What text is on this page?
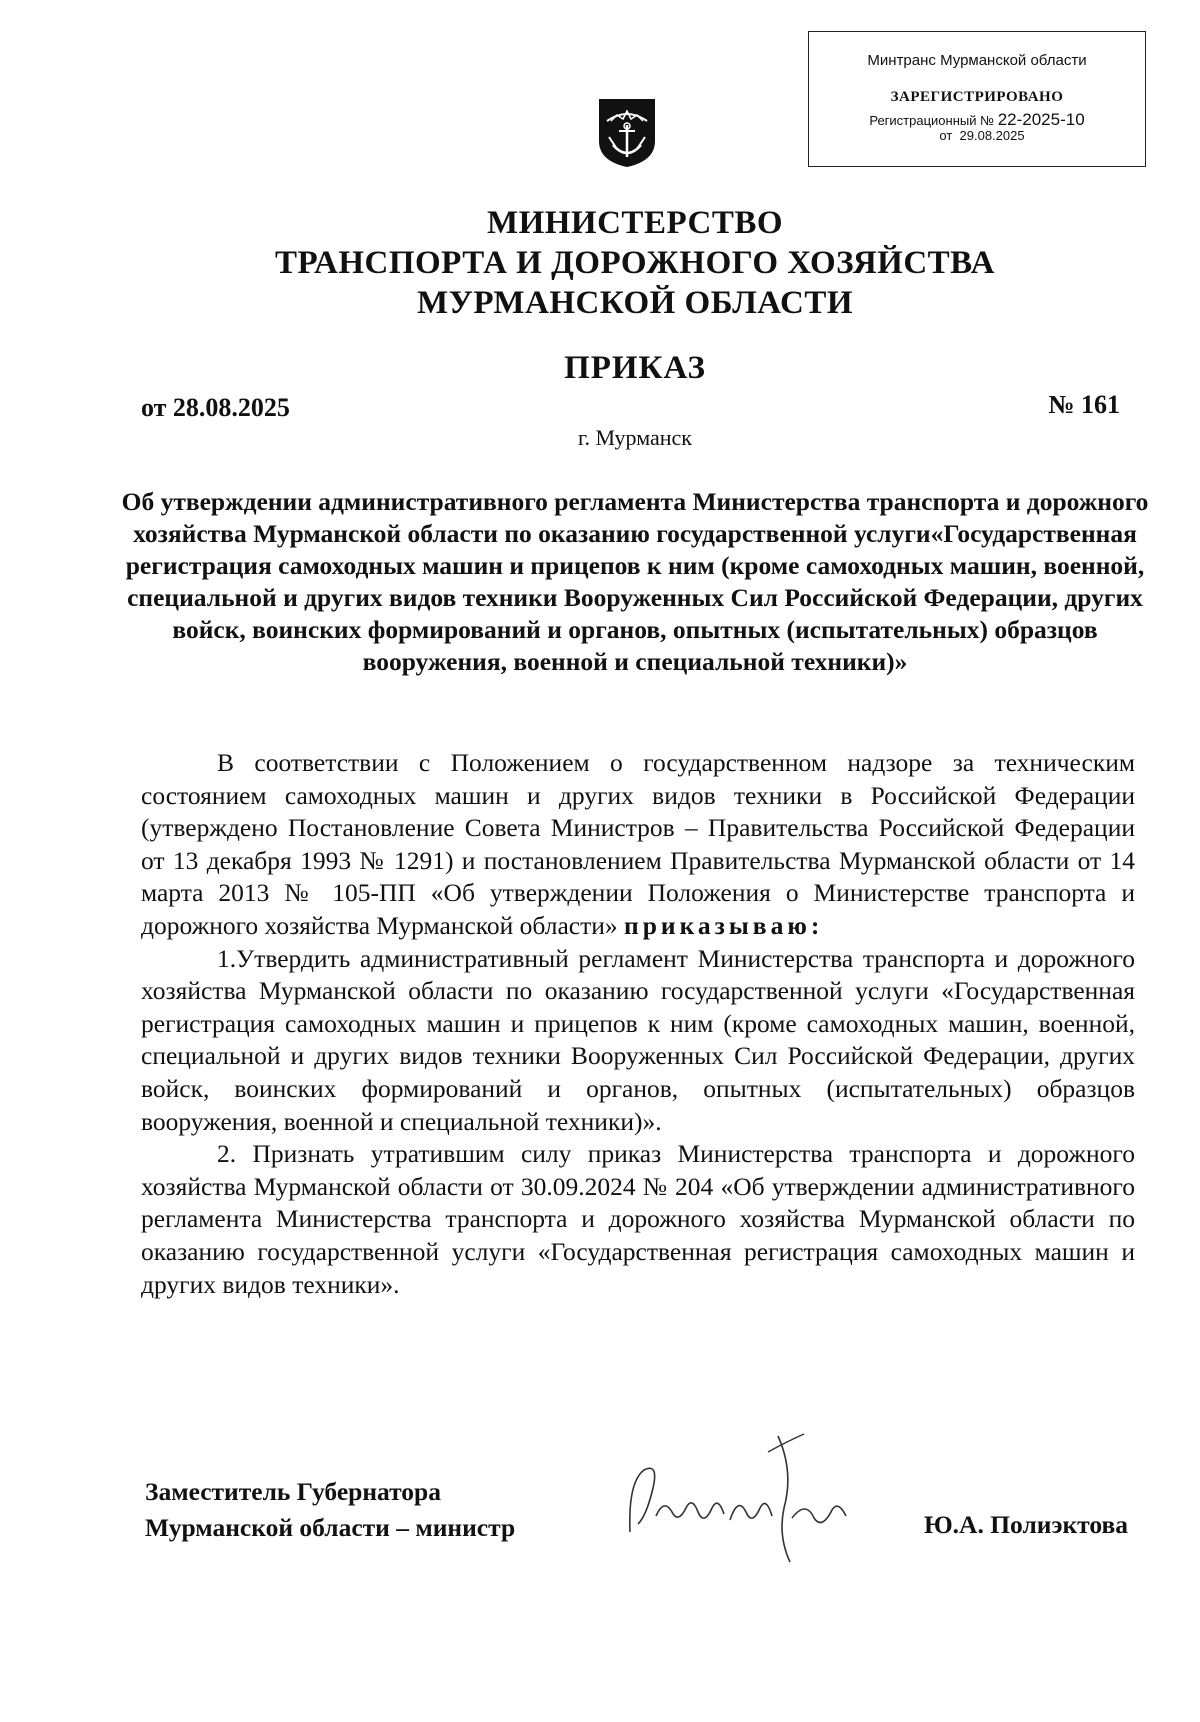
Минтранс Мурманской области
ЗАРЕГИСТРИРОВАНО
Регистрационный № 22-2025-10
от 29.08.2025
МИНИСТЕРСТВО
ТРАНСПОРТА И ДОРОЖНОГО ХОЗЯЙСТВА
МУРМАНСКОЙ ОБЛАСТИ
ПРИКАЗ
от 28.08.2025	№ 161
г. Мурманск
Об утверждении административного регламента Министерства транспорта и дорожного хозяйства Мурманской области по оказанию государственной услуги«Государственная регистрация самоходных машин и прицепов к ним (кроме самоходных машин, военной, специальной и других видов техники Вооруженных Сил Российской Федерации, других войск, воинских формирований и органов, опытных (испытательных) образцов вооружения, военной и специальной техники)»

В соответствии с Положением о государственном надзоре за техническим состоянием самоходных машин и других видов техники в Российской Федерации (утверждено Постановление Совета Министров – Правительства Российской Федерации от 13 декабря 1993 № 1291) и постановлением Правительства Мурманской области от 14 марта 2013 № 105-ПП «Об утверждении Положения о Министерстве транспорта и дорожного хозяйства Мурманской области» приказываю:

1.Утвердить административный регламент Министерства транспорта и дорожного хозяйства Мурманской области по оказанию государственной услуги «Государственная регистрация самоходных машин и прицепов к ним (кроме самоходных машин, военной, специальной и других видов техники Вооруженных Сил Российской Федерации, других войск, воинских формирований и органов, опытных (испытательных) образцов вооружения, военной и специальной техники)».

2. Признать утратившим силу приказ Министерства транспорта и дорожного хозяйства Мурманской области от 30.09.2024 № 204 «Об утверждении административного регламента Министерства транспорта и дорожного хозяйства Мурманской области по оказанию государственной услуги «Государственная регистрация самоходных машин и других видов техники».

Заместитель Губернатора
Мурманской области – министр	Ю.А. Полиэктова
